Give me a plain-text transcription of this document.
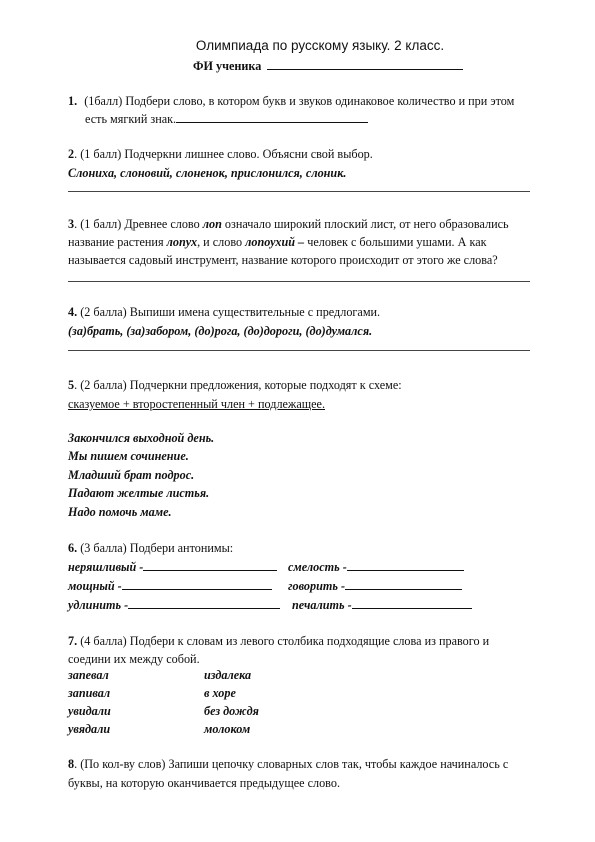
Олимпиада по русскому языку. 2 класс.
ФИ ученика
1. (1балл) Подбери слово, в котором букв и звуков одинаковое количество и при этом
есть мягкий знак.
2. (1 балл) Подчеркни лишнее слово. Объясни свой выбор.
Слониха, слоновий, слоненок, прислонился, слоник.
3. (1 балл) Древнее слово лоп означало широкий плоский лист, от него образовались
название растения лопух, и слово лопоухий – человек с большими ушами. А как
называется садовый инструмент, название которого происходит от этого же слова?
4. (2 балла) Выпиши имена существительные с предлогами.
(за)брать, (за)забором, (до)рога, (до)дороги, (до)думался.
5. (2 балла) Подчеркни предложения, которые подходят к схеме:
сказуемое + второстепенный член + подлежащее.
Закончился выходной день.
Мы пишем сочинение.
Младший брат подрос.
Падают желтые листья.
Надо помочь маме.
6. (3 балла) Подбери антонимы:
неряшливый -	смелость -
мощный -	говорить -
удлинить -	печалить -
7. (4 балла) Подбери к словам из левого столбика подходящие слова из правого и
соедини их между собой.
запевал	издалека
запивал	в хоре
увидали	без дождя
увядали	молоком
8. (По кол-ву слов) Запиши цепочку словарных слов так, чтобы каждое начиналось с
буквы, на которую оканчивается предыдущее слово.
